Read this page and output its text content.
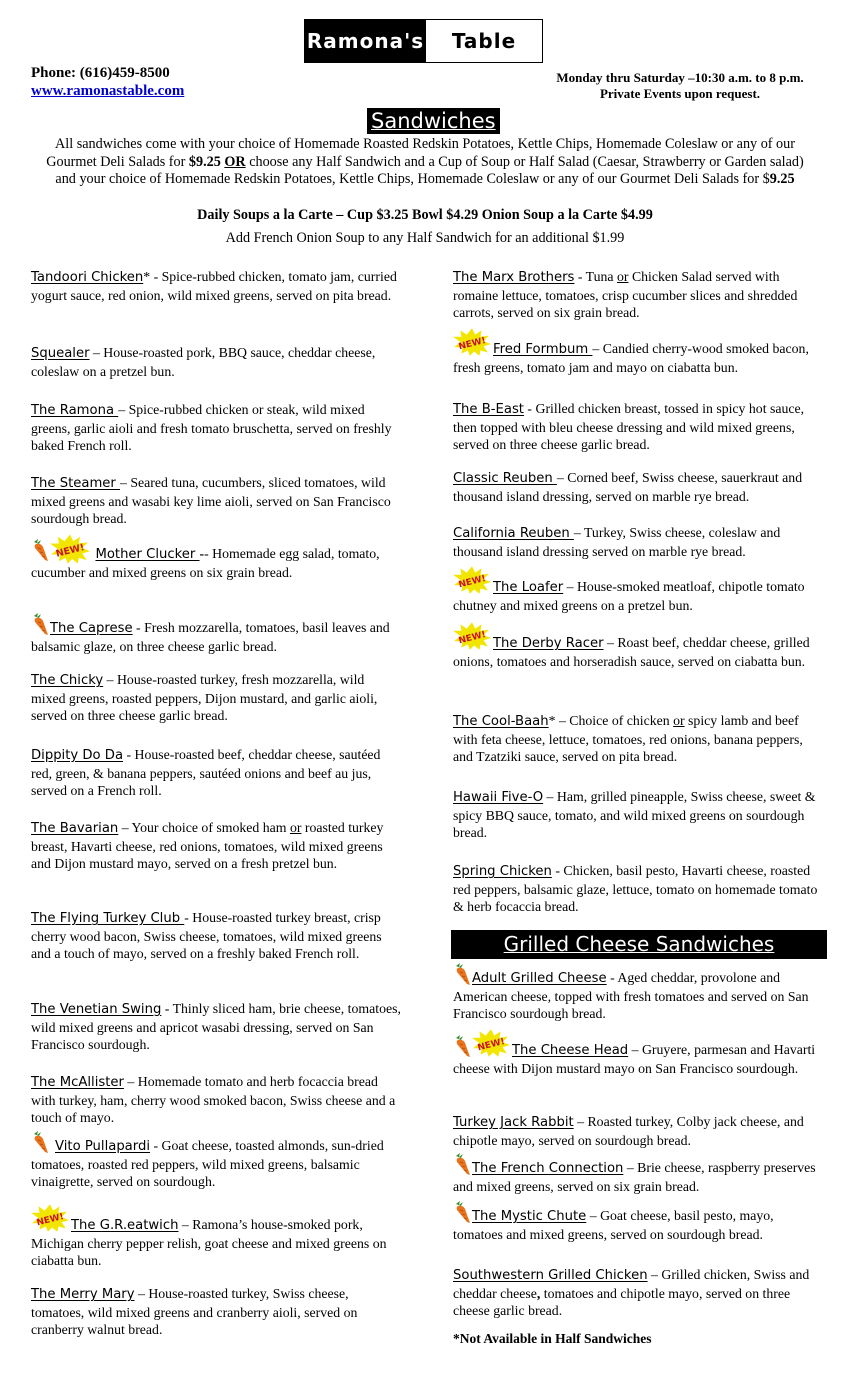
Ramona's	Table
Phone: (616)459-8500
www.ramonastable.com
Monday thru Saturday –10:30 a.m. to 8 p.m.
Private Events upon request.
Sandwiches
All sandwiches come with your choice of Homemade Roasted Redskin Potatoes, Kettle Chips, Homemade Coleslaw or any of our Gourmet Deli Salads for $9.25 OR choose any Half Sandwich and a Cup of Soup or Half Salad (Caesar, Strawberry or Garden salad) and your choice of Homemade Redskin Potatoes, Kettle Chips, Homemade Coleslaw or any of our Gourmet Deli Salads for $9.25
Daily Soups a la Carte – Cup $3.25 Bowl $4.29 Onion Soup a la Carte $4.99
Add French Onion Soup to any Half Sandwich for an additional $1.99
Tandoori Chicken* - Spice-rubbed chicken, tomato jam, curried yogurt sauce, red onion, wild mixed greens, served on pita bread.
Squealer – House-roasted pork, BBQ sauce, cheddar cheese, coleslaw on a pretzel bun.
The Ramona – Spice-rubbed chicken or steak, wild mixed greens, garlic aioli and fresh tomato bruschetta, served on freshly baked French roll.
The Steamer – Seared tuna, cucumbers, sliced tomatoes, wild mixed greens and wasabi key lime aioli, served on San Francisco sourdough bread.
Mother Clucker -- Homemade egg salad, tomato, cucumber and mixed greens on six grain bread.
The Caprese - Fresh mozzarella, tomatoes, basil leaves and balsamic glaze, on three cheese garlic bread.
The Chicky – House-roasted turkey, fresh mozzarella, wild mixed greens, roasted peppers, Dijon mustard, and garlic aioli, served on three cheese garlic bread.
Dippity Do Da - House-roasted beef, cheddar cheese, sautéed red, green, & banana peppers, sautéed onions and beef au jus, served on a French roll.
The Bavarian – Your choice of smoked ham or roasted turkey breast, Havarti cheese, red onions, tomatoes, wild mixed greens and Dijon mustard mayo, served on a fresh pretzel bun.
The Flying Turkey Club - House-roasted turkey breast, crisp cherry wood bacon, Swiss cheese, tomatoes, wild mixed greens and a touch of mayo, served on a freshly baked French roll.
The Venetian Swing - Thinly sliced ham, brie cheese, tomatoes, wild mixed greens and apricot wasabi dressing, served on San Francisco sourdough.
The McAllister – Homemade tomato and herb focaccia bread with turkey, ham, cherry wood smoked bacon, Swiss cheese and a touch of mayo.
Vito Pullapardi - Goat cheese, toasted almonds, sun-dried tomatoes, roasted red peppers, wild mixed greens, balsamic vinaigrette, served on sourdough.
The G.R.eatwich – Ramona’s house-smoked pork, Michigan cherry pepper relish, goat cheese and mixed greens on ciabatta bun.
The Merry Mary – House-roasted turkey, Swiss cheese, tomatoes, wild mixed greens and cranberry aioli, served on cranberry walnut bread.
The Marx Brothers - Tuna or Chicken Salad served with romaine lettuce, tomatoes, crisp cucumber slices and shredded carrots, served on six grain bread.
Fred Formbum – Candied cherry-wood smoked bacon, fresh greens, tomato jam and mayo on ciabatta bun.
The B-East - Grilled chicken breast, tossed in spicy hot sauce, then topped with bleu cheese dressing and wild mixed greens, served on three cheese garlic bread.
Classic Reuben – Corned beef, Swiss cheese, sauerkraut and thousand island dressing, served on marble rye bread.
California Reuben – Turkey, Swiss cheese, coleslaw and thousand island dressing served on marble rye bread.
The Loafer – House-smoked meatloaf, chipotle tomato chutney and mixed greens on a pretzel bun.
The Derby Racer – Roast beef, cheddar cheese, grilled onions, tomatoes and horseradish sauce, served on ciabatta bun.
The Cool-Baah* – Choice of chicken or spicy lamb and beef with feta cheese, lettuce, tomatoes, red onions, banana peppers, and Tzatziki sauce, served on pita bread.
Hawaii Five-O – Ham, grilled pineapple, Swiss cheese, sweet & spicy BBQ sauce, tomato, and wild mixed greens on sourdough bread.
Spring Chicken - Chicken, basil pesto, Havarti cheese, roasted red peppers, balsamic glaze, lettuce, tomato on homemade tomato & herb focaccia bread.
Grilled Cheese Sandwiches
Adult Grilled Cheese - Aged cheddar, provolone and American cheese, topped with fresh tomatoes and served on San Francisco sourdough bread.
The Cheese Head – Gruyere, parmesan and Havarti cheese with Dijon mustard mayo on San Francisco sourdough.
Turkey Jack Rabbit – Roasted turkey, Colby jack cheese, and chipotle mayo, served on sourdough bread.
The French Connection – Brie cheese, raspberry preserves and mixed greens, served on six grain bread.
The Mystic Chute – Goat cheese, basil pesto, mayo, tomatoes and mixed greens, served on sourdough bread.
Southwestern Grilled Chicken – Grilled chicken, Swiss and cheddar cheese, tomatoes and chipotle mayo, served on three cheese garlic bread.
*Not Available in Half Sandwiches
